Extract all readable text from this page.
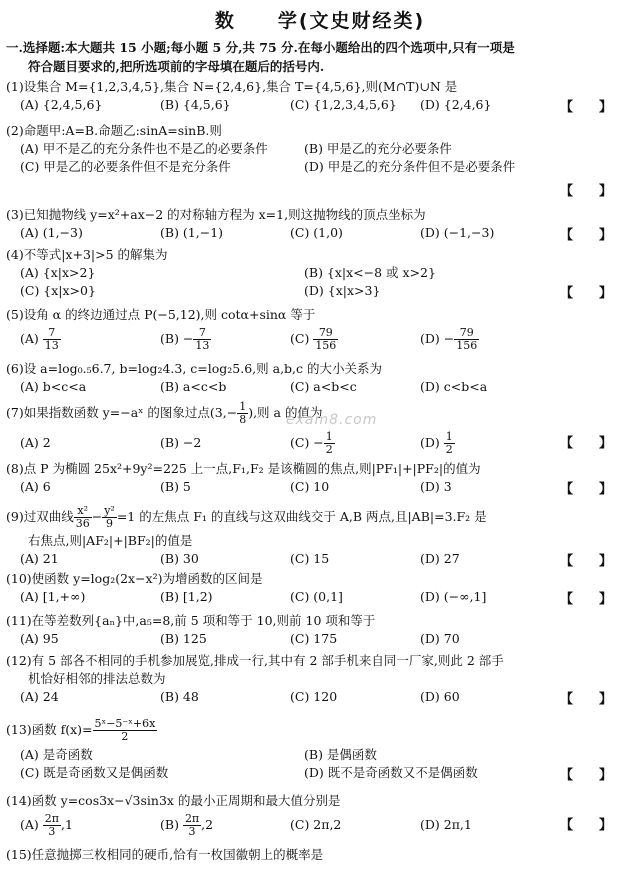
数　　学(文史财经类)
一.选择题:本大题共 15 小题;每小题 5 分,共 75 分.在每小题给出的四个选项中,只有一项是
符合题目要求的,把所选项前的字母填在题后的括号内.
(1)设集合 M={1,2,3,4,5},集合 N={2,4,6},集合 T={4,5,6},则(M∩T)∪N 是
(A) {2,4,5,6}	(B) {4,5,6}	(C) {1,2,3,4,5,6}	(D) {2,4,6}	【　　】
(2)命题甲:A=B.命题乙:sinA=sinB.则
(A) 甲不是乙的充分条件也不是乙的必要条件	(B) 甲是乙的充分必要条件
(C) 甲是乙的必要条件但不是充分条件	(D) 甲是乙的充分条件但不是必要条件
【　　】
(3)已知抛物线 y=x²+ax−2 的对称轴方程为 x=1,则这抛物线的顶点坐标为
(A) (1,−3)	(B) (1,−1)	(C) (1,0)	(D) (−1,−3)	【　　】
(4)不等式|x+3|>5 的解集为
(A) {x|x>2}	(B) {x|x<−8 或 x>2}
(C) {x|x>0}	(D) {x|x>3}	【　　】
(5)设角 α 的终边通过点 P(−5,12),则 cotα+sinα 等于
$(A) \frac{7}{13}$	$(B) - \frac{7}{13}$	$(C) \frac{79}{156}$	$(D) - \frac{79}{156}$
(6)设 a=log₀.₅6.7, b=log₂4.3, c=log₂5.6,则 a,b,c 的大小关系为
(A) b<c<a	(B) a<c<b	(C) a<b<c	(D) c<b<a
(7)如果指数函数 y=−aˣ 的图象过点($3,- \frac{1}{8}$ ),则 a 的值为
(A) 2	(B) −2	$(C) - \frac{1}{2}$	$(D) \frac{1}{2}$	【　　】
(8)点 P 为椭圆 25x²+9y²=225 上一点,F₁,F₂ 是该椭圆的焦点,则|PF₁|+|PF₂|的值为
(A) 6	(B) 5	(C) 10	(D) 3	【　　】
(9)过双曲线 $\frac{\text{x²}}{36} - \frac{\text{y²}}{9} =1$ 的左焦点 F₁ 的直线与这双曲线交于 A,B 两点,且|AB|=3.F₂ 是
右焦点,则|AF₂|+|BF₂|的值是
(A) 21	(B) 30	(C) 15	(D) 27	【　　】
(10)使函数 y=log₂(2x−x²)为增函数的区间是
(A) [1,+∞)	(B) [1,2)	(C) (0,1]	(D) (−∞,1]	【　　】
(11)在等差数列{aₙ}中,a₅=8,前 5 项和等于 10,则前 10 项和等于
(A) 95	(B) 125	(C) 175	(D) 70
(12)有 5 部各不相同的手机参加展览,排成一行,其中有 2 部手机来自同一厂家,则此 2 部手
机恰好相邻的排法总数为
(A) 24	(B) 48	(C) 120	(D) 60	【　　】
(13)函数 $f(x)= \frac{\text{5ˣ−5⁻ˣ+6x}}{2}$
(A) 是奇函数	(B) 是偶函数
(C) 既是奇函数又是偶函数	(D) 既不是奇函数又不是偶函数	【　　】
(14)函数 y=cos3x−√3sin3x 的最小正周期和最大值分别是
$(A) \frac{2\pi}{3} ,1$	$(B) \frac{2\pi}{3} ,2$	(C) 2π,2	(D) 2π,1	【　　】
(15)任意抛掷三枚相同的硬币,恰有一枚国徽朝上的概率是
exam8.com
